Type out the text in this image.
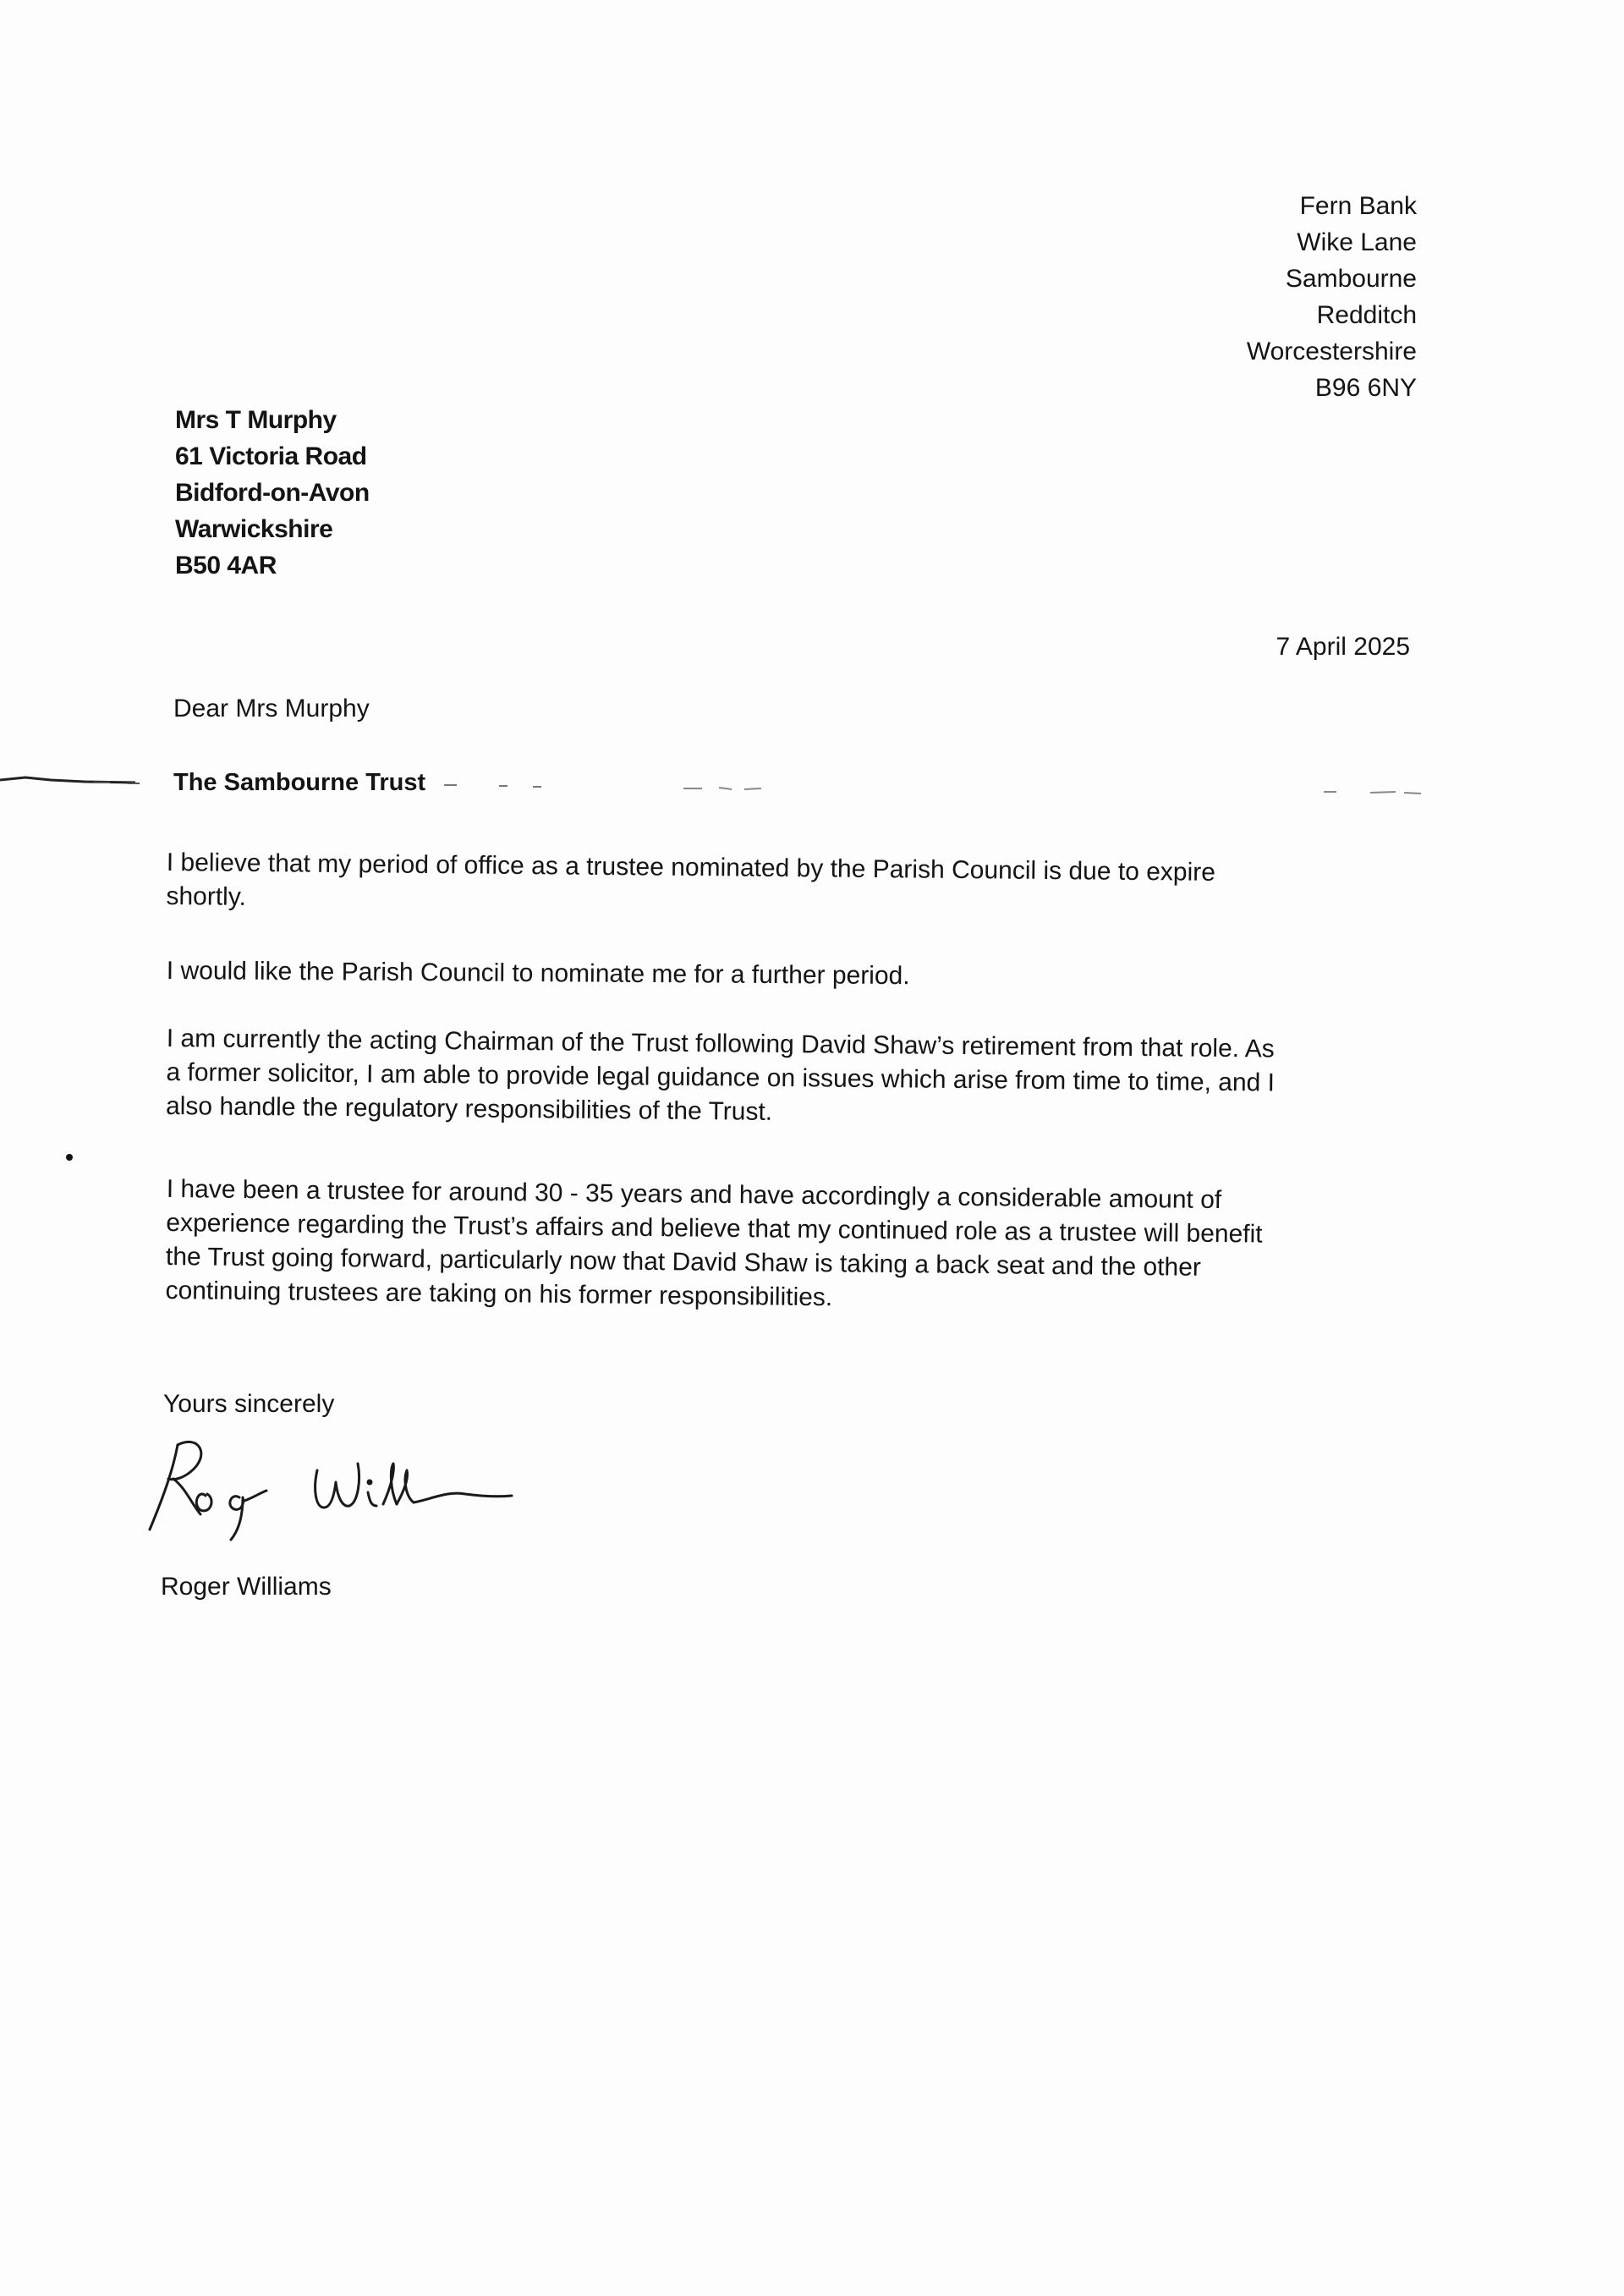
Fern Bank
Wike Lane
Sambourne
Redditch
Worcestershire
B96 6NY
Mrs T Murphy
61 Victoria Road
Bidford-on-Avon
Warwickshire
B50 4AR
7 April 2025
Dear Mrs Murphy
The Sambourne Trust
I believe that my period of office as a trustee nominated by the Parish Council is due to expire
shortly.
I would like the Parish Council to nominate me for a further period.
I am currently the acting Chairman of the Trust following David Shaw’s retirement from that role. As
a former solicitor, I am able to provide legal guidance on issues which arise from time to time, and I
also handle the regulatory responsibilities of the Trust.
I have been a trustee for around 30 - 35 years and have accordingly a considerable amount of
experience regarding the Trust’s affairs and believe that my continued role as a trustee will benefit
the Trust going forward, particularly now that David Shaw is taking a back seat and the other
continuing trustees are taking on his former responsibilities.
Yours sincerely
Roger Williams
